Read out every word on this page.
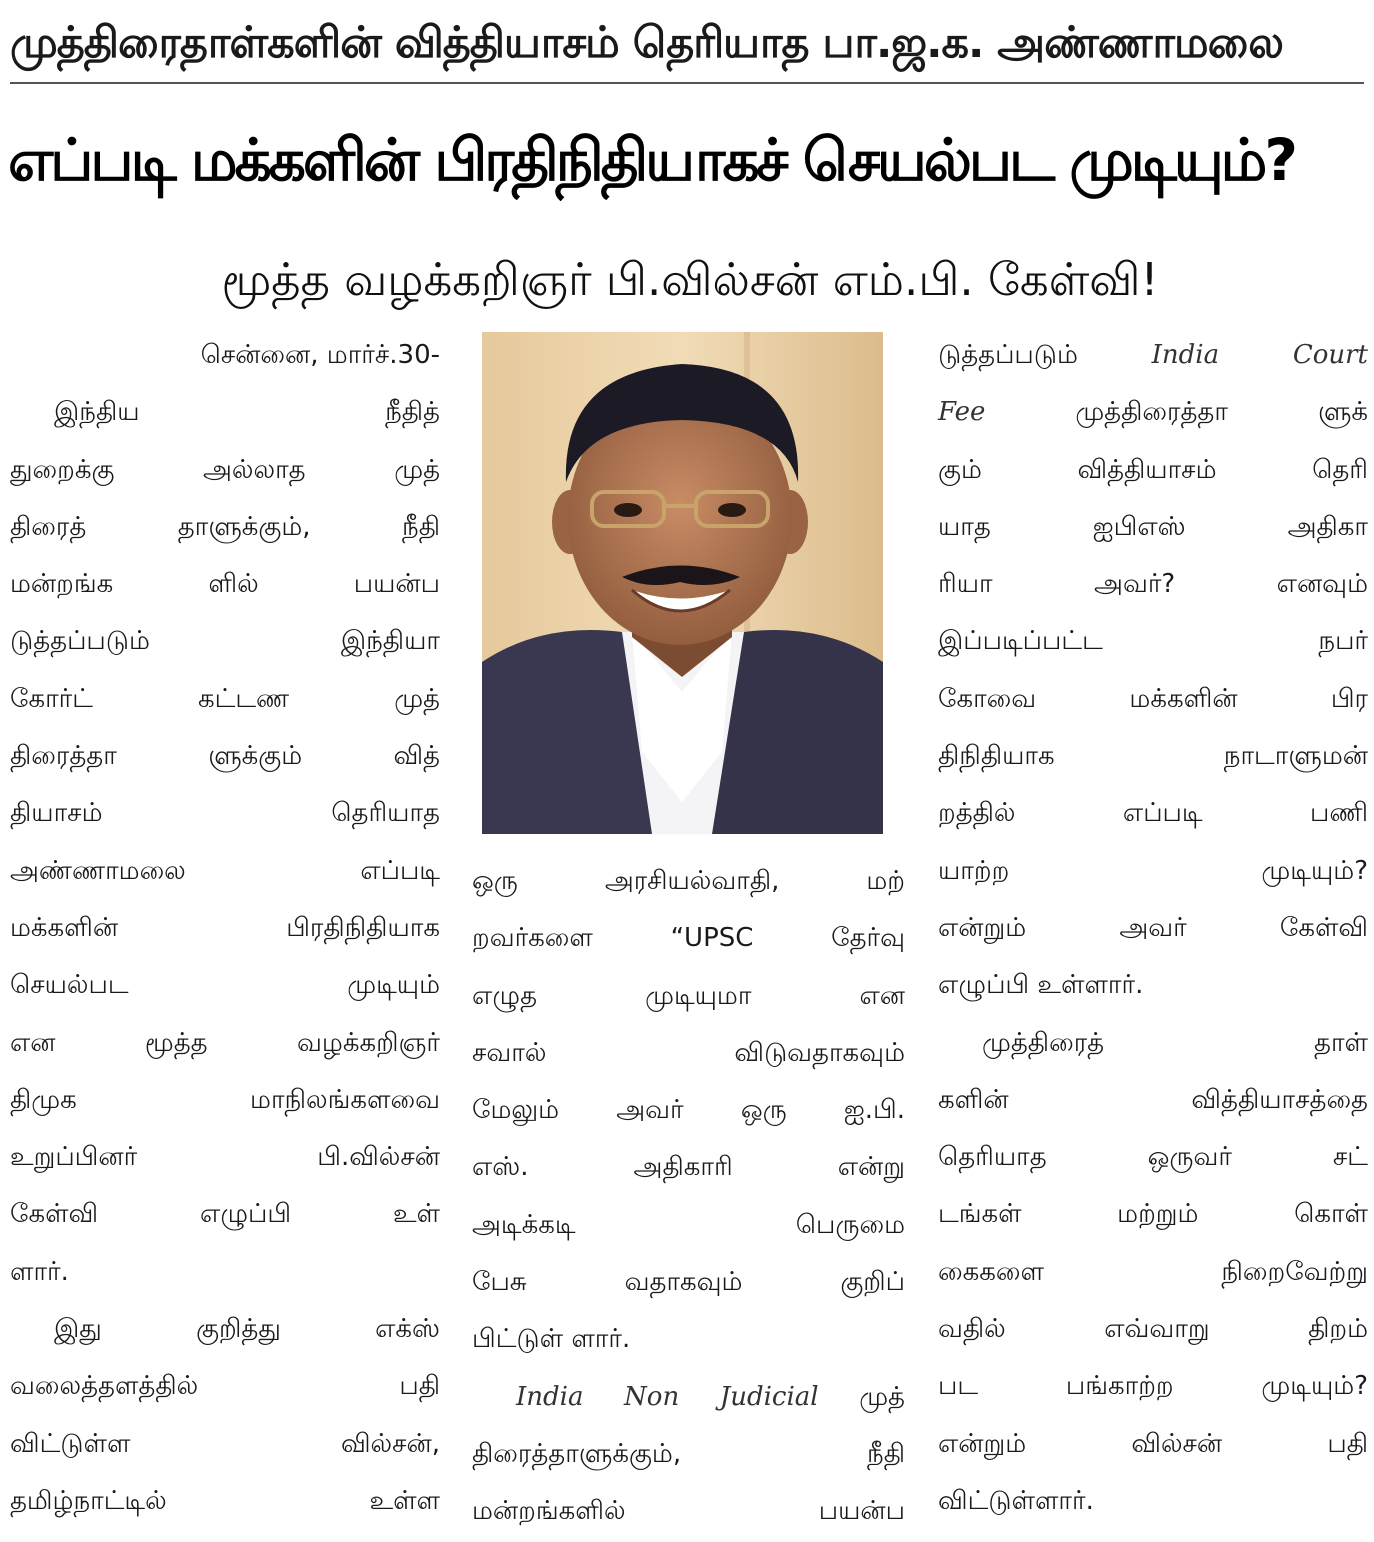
முத்திரைதாள்களின் வித்தியாசம் தெரியாத பா.ஜ.க. அண்ணாமலை
எப்படி மக்களின் பிரதிநிதியாகச் செயல்பட முடியும்?
மூத்த வழக்கறிஞர் பி.வில்சன் எம்.பி. கேள்வி!
சென்னை, மார்ச்.30-
இந்திய நீதித்
துறைக்கு அல்லாத முத்
திரைத் தாளுக்கும், நீதி
மன்றங்க ளில் பயன்ப
டுத்தப்படும் இந்தியா
கோர்ட் கட்டண முத்
திரைத்தா ளுக்கும் வித்
தியாசம் தெரியாத
அண்ணாமலை எப்படி
மக்களின் பிரதிநிதியாக
செயல்பட முடியும்
என மூத்த வழக்கறிஞர்
திமுக மாநிலங்களவை
உறுப்பினர் பி.வில்சன்
கேள்வி எழுப்பி உள்
ளார்.
இது குறித்து எக்ஸ்
வலைத்தளத்தில் பதி
விட்டுள்ள வில்சன்,
தமிழ்நாட்டில் உள்ள
ஒரு அரசியல்வாதி, மற்
றவர்களை “UPSC தேர்வு
எழுத முடியுமா என
சவால் விடுவதாகவும்
மேலும் அவர் ஒரு ஐ.பி.
எஸ். அதிகாரி என்று
அடிக்கடி பெருமை
பேசு வதாகவும் குறிப்
பிட்டுள் ளார்.
India Non Judicial முத்
திரைத்தாளுக்கும், நீதி
மன்றங்களில் பயன்ப
டுத்தப்படும்	India Court
Fee	முத்திரைத்தா ளுக்
கும் வித்தியாசம் தெரி
யாத ஐபிஎஸ் அதிகா
ரியா அவர்? எனவும்
இப்படிப்பட்ட நபர்
கோவை மக்களின் பிர
திநிதியாக நாடாளுமன்
றத்தில் எப்படி பணி
யாற்ற முடியும்?
என்றும் அவர் கேள்வி
எழுப்பி உள்ளார்.
முத்திரைத் தாள்
களின் வித்தியாசத்தை
தெரியாத ஒருவர் சட்
டங்கள் மற்றும் கொள்
கைகளை நிறைவேற்று
வதில் எவ்வாறு திறம்
பட பங்காற்ற முடியும்?
என்றும் வில்சன் பதி
விட்டுள்ளார்.
